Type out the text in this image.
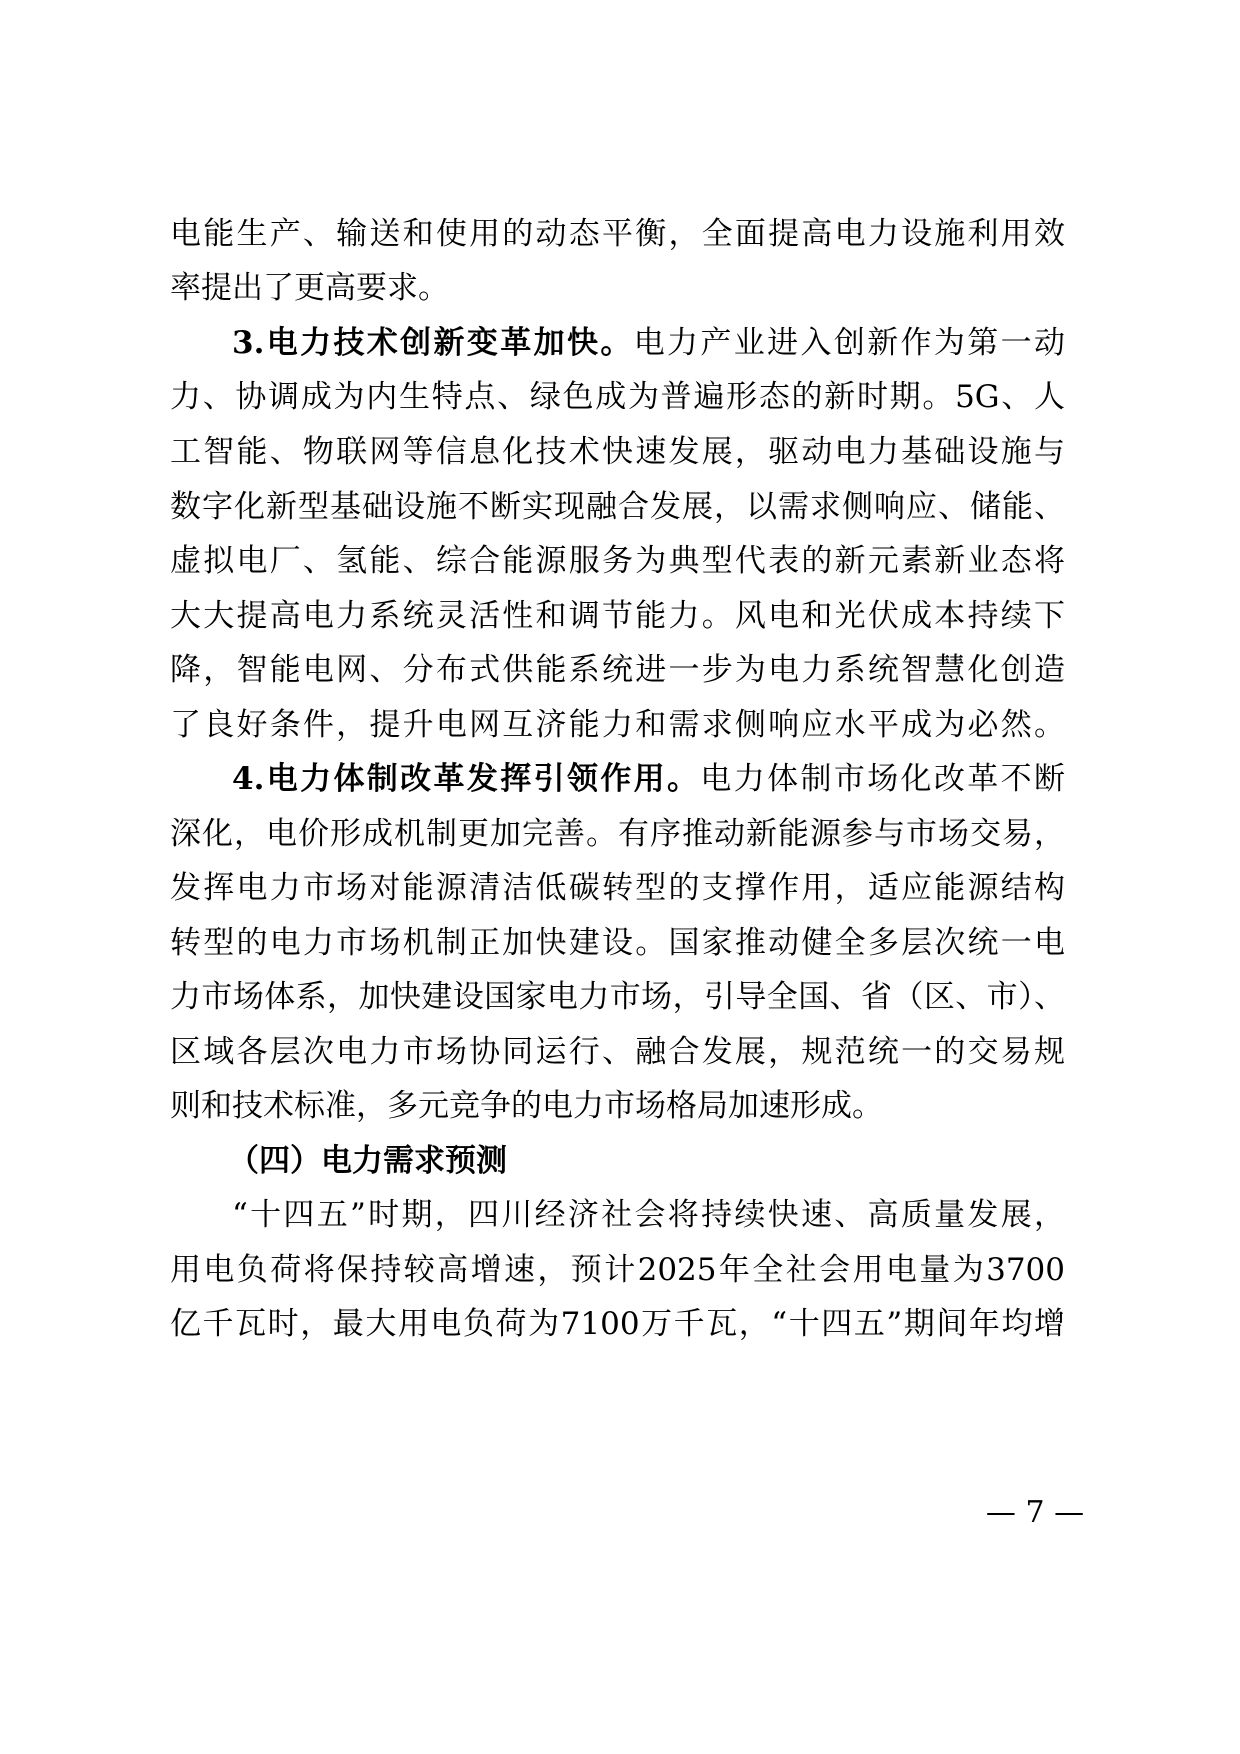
电能生产、输送和使用的动态平衡，全面提高电力设施利用效
率提出了更高要求。
3.电力技术创新变革加快。电力产业进入创新作为第一动
力、协调成为内生特点、绿色成为普遍形态的新时期。5G、人
工智能、物联网等信息化技术快速发展，驱动电力基础设施与
数字化新型基础设施不断实现融合发展，以需求侧响应、储能、
虚拟电厂、氢能、综合能源服务为典型代表的新元素新业态将
大大提高电力系统灵活性和调节能力。风电和光伏成本持续下
降，智能电网、分布式供能系统进一步为电力系统智慧化创造
了良好条件，提升电网互济能力和需求侧响应水平成为必然。
4.电力体制改革发挥引领作用。电力体制市场化改革不断
深化，电价形成机制更加完善。有序推动新能源参与市场交易，
发挥电力市场对能源清洁低碳转型的支撑作用，适应能源结构
转型的电力市场机制正加快建设。国家推动健全多层次统一电
力市场体系，加快建设国家电力市场，引导全国、省（区、市）、
区域各层次电力市场协同运行、融合发展，规范统一的交易规
则和技术标准，多元竞争的电力市场格局加速形成。
（四）电力需求预测
“十四五”时期，四川经济社会将持续快速、高质量发展，
用电负荷将保持较高增速，预计2025年全社会用电量为3700
亿千瓦时，最大用电负荷为7100万千瓦，“十四五”期间年均增
— 7 —
